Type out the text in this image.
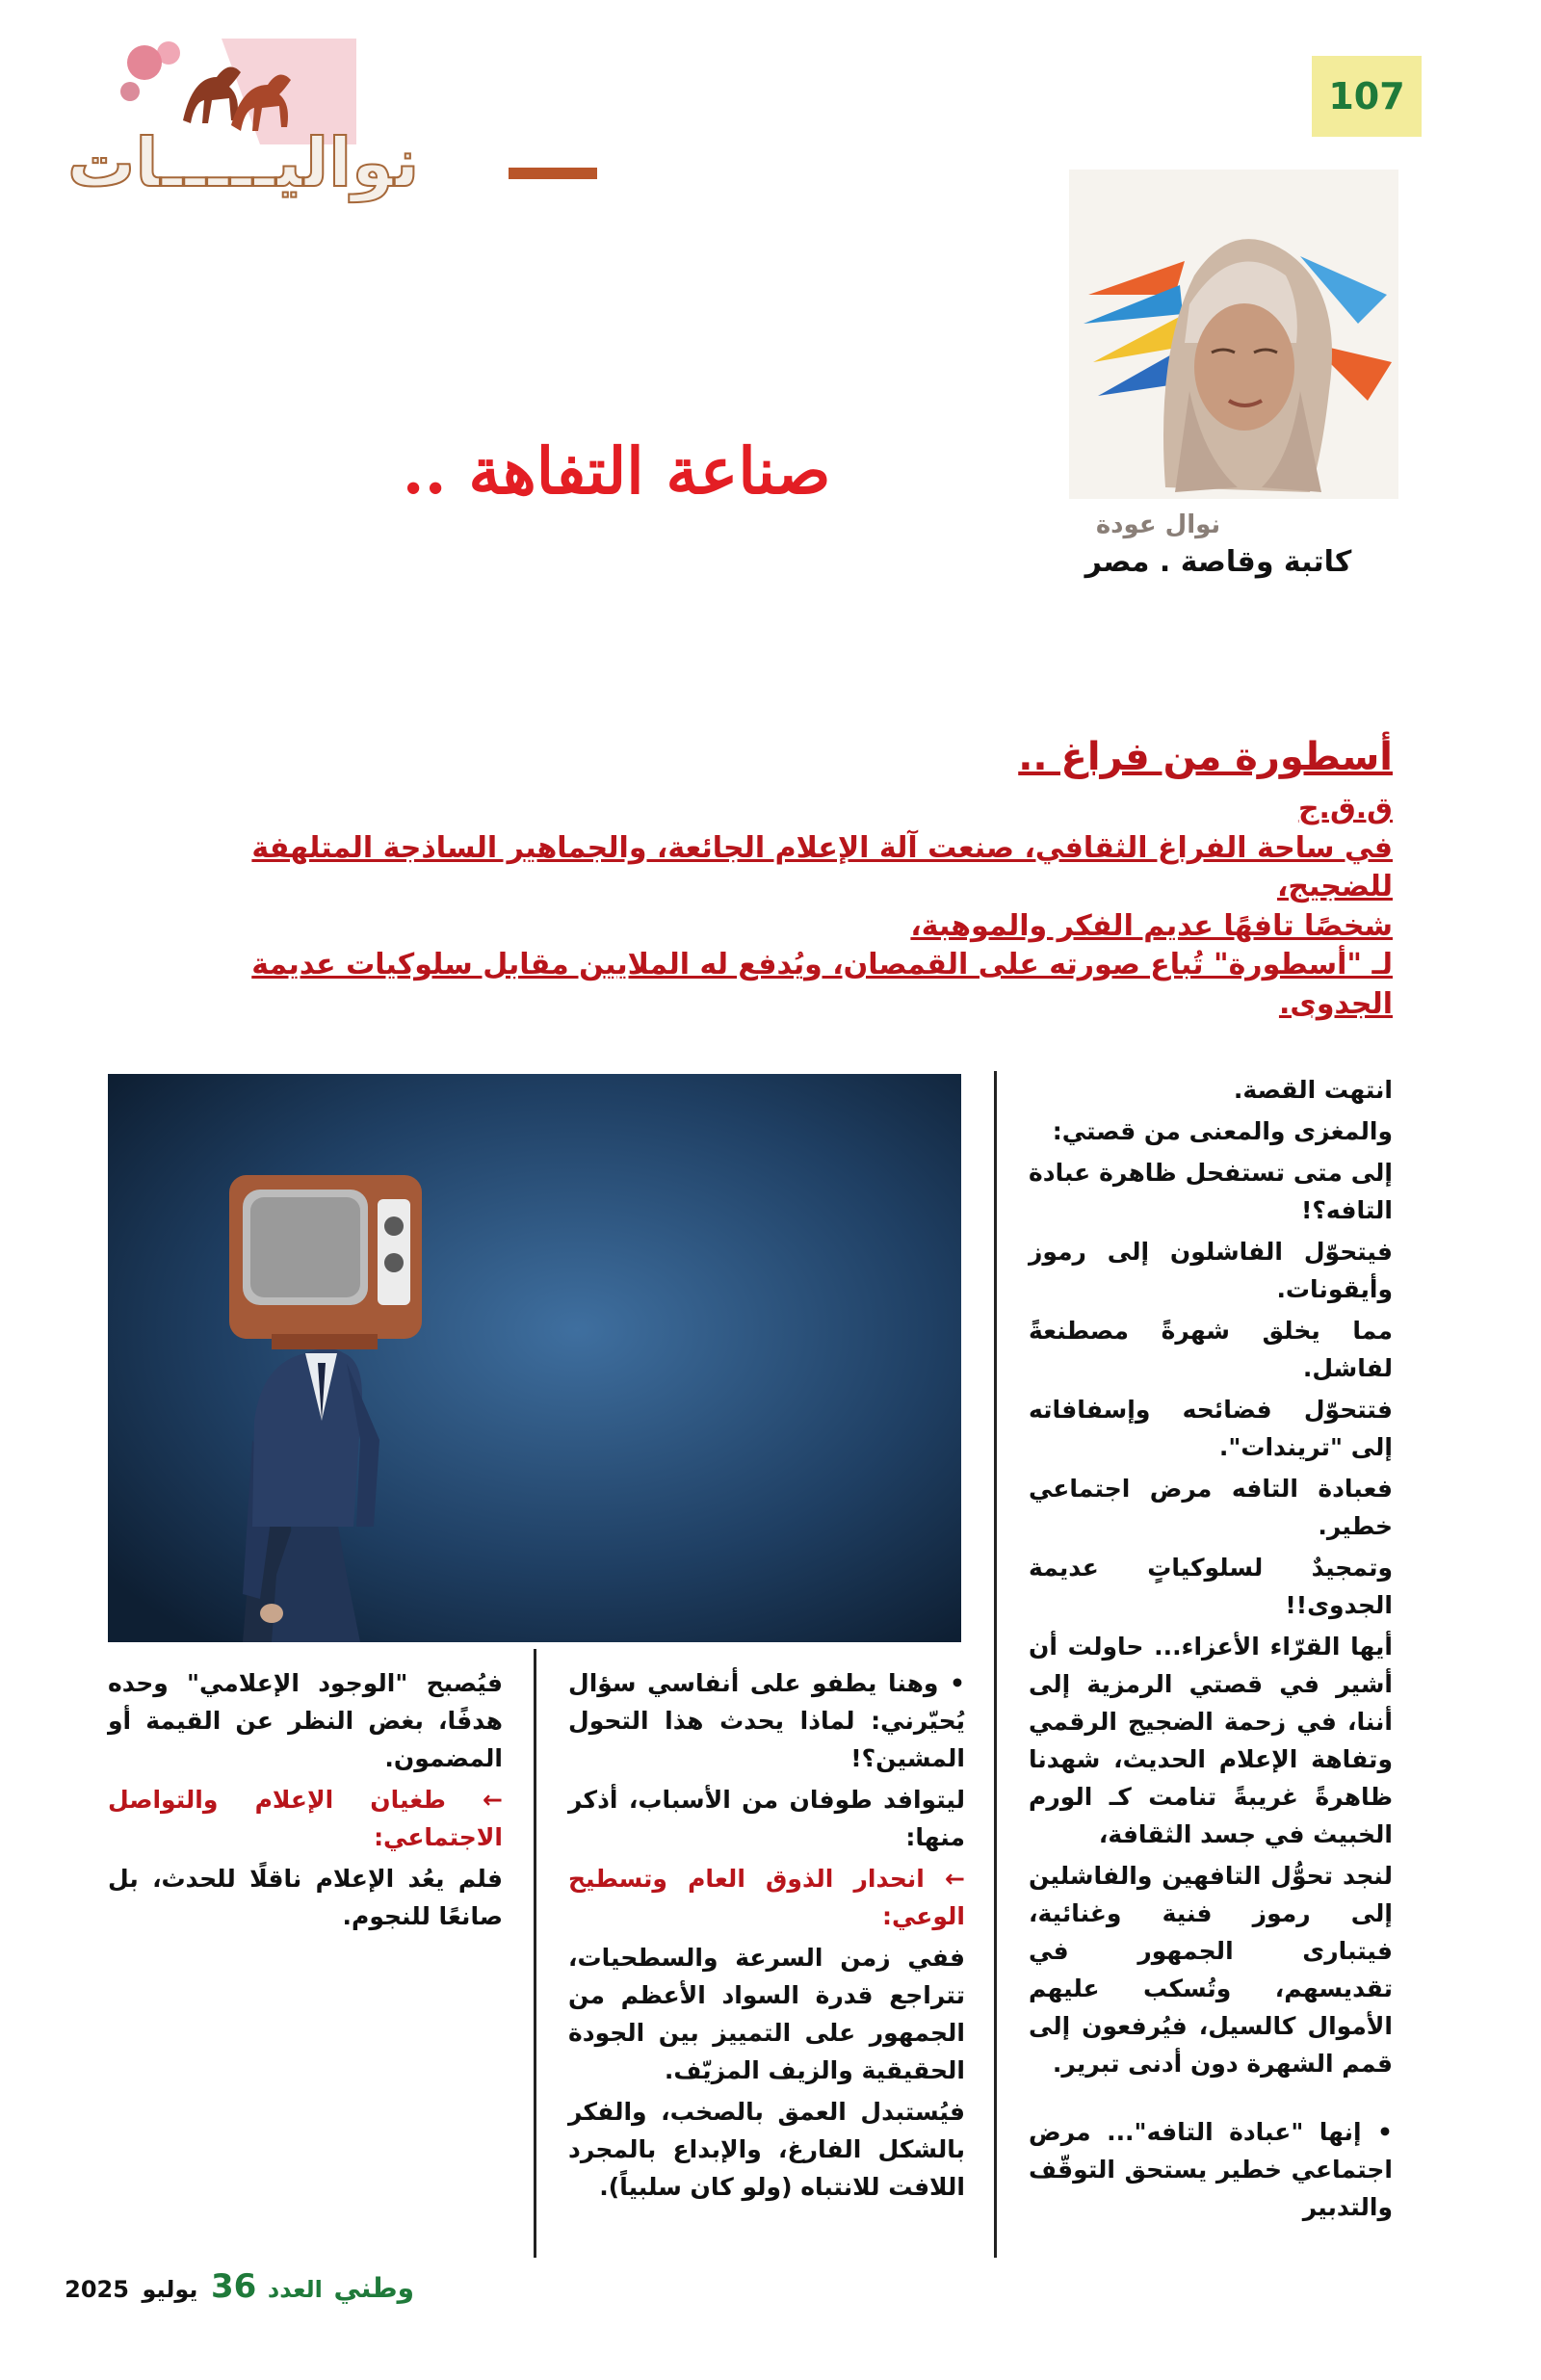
107
نواليـــــات
نوال عودة
كاتبة وقاصة . مصر
صناعة التفاهة ..
أسطورة من فراغ ..
ق.ق.ج
في ساحة الفراغ الثقافي، صنعت آلة الإعلام الجائعة، والجماهير الساذجة المتلهفة للضجيج،
شخصًا تافهًا عديم الفكر والموهبة،
لـ "أسطورة" تُباع صورته على القمصان، ويُدفع له الملايين مقابل سلوكيات عديمة الجدوى.

انتهت القصة.

والمغزى والمعنى من قصتي:

إلى متى تستفحل ظاهرة عبادة التافه؟!

فيتحوّل الفاشلون إلى رموز وأيقونات.

مما يخلق شهرةً مصطنعةً لفاشل.

فتتحوّل فضائحه وإسفافاته إلى "تريندات".

فعبادة التافه مرض اجتماعي خطير.

وتمجيدٌ لسلوكياتٍ عديمة الجدوى!!

أيها القرّاء الأعزاء... حاولت أن أشير في قصتي الرمزية إلى أننا، في زحمة الضجيج الرقمي وتفاهة الإعلام الحديث، شهدنا ظاهرةً غريبةً تنامت كـ الورم الخبيث في جسد الثقافة،

لنجد تحوُّل التافهين والفاشلين إلى رموز فنية وغنائية، فيتبارى الجمهور في تقديسهم، وتُسكب عليهم الأموال كالسيل، فيُرفعون إلى قمم الشهرة دون أدنى تبرير.

• إنها "عبادة التافه"... مرض اجتماعي خطير يستحق التوقّف والتدبير

• وهنا يطفو على أنفاسي سؤال يُحيّرني: لماذا يحدث هذا التحول المشين؟!

ليتوافد طوفان من الأسباب، أذكر منها:

← انحدار الذوق العام وتسطيح الوعي:

ففي زمن السرعة والسطحيات، تتراجع قدرة السواد الأعظم من الجمهور على التمييز بين الجودة الحقيقية والزيف المزيّف.

فيُستبدل العمق بالصخب، والفكر بالشكل الفارغ، والإبداع بالمجرد اللافت للانتباه (ولو كان سلبياً).

فيُصبح "الوجود الإعلامي" وحده هدفًا، بغض النظر عن القيمة أو المضمون.

← طغيان الإعلام والتواصل الاجتماعي:

فلم يعُد الإعلام ناقلًا للحدث، بل صانعًا للنجوم.

وطني العدد 36 يوليو 2025
